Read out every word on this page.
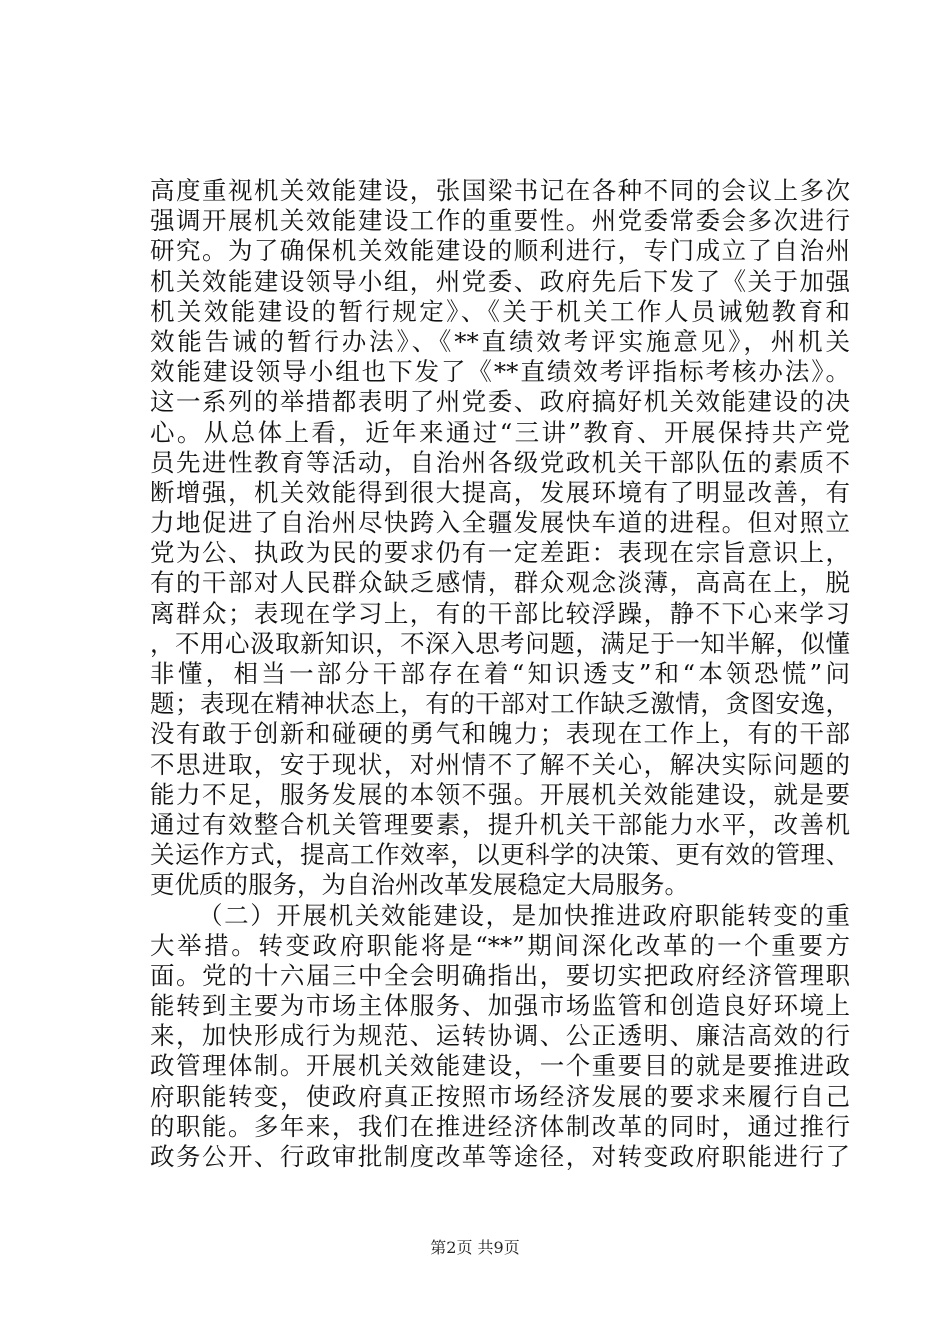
高度重视机关效能建设，张国梁书记在各种不同的会议上多次
强调开展机关效能建设工作的重要性。州党委常委会多次进行
研究。为了确保机关效能建设的顺利进行，专门成立了自治州
机关效能建设领导小组，州党委、政府先后下发了《关于加强
机关效能建设的暂行规定》、《关于机关工作人员诫勉教育和
效能告诫的暂行办法》、《**直绩效考评实施意见》，州机关
效能建设领导小组也下发了《**直绩效考评指标考核办法》。
这一系列的举措都表明了州党委、政府搞好机关效能建设的决
心。从总体上看，近年来通过“三讲”教育、开展保持共产党
员先进性教育等活动，自治州各级党政机关干部队伍的素质不
断增强，机关效能得到很大提高，发展环境有了明显改善，有
力地促进了自治州尽快跨入全疆发展快车道的进程。但对照立
党为公、执政为民的要求仍有一定差距：表现在宗旨意识上，
有的干部对人民群众缺乏感情，群众观念淡薄，高高在上，脱
离群众；表现在学习上，有的干部比较浮躁，静不下心来学习
，不用心汲取新知识，不深入思考问题，满足于一知半解，似懂
非懂，相当一部分干部存在着“知识透支”和“本领恐慌”问
题；表现在精神状态上，有的干部对工作缺乏激情，贪图安逸，
没有敢于创新和碰硬的勇气和魄力；表现在工作上，有的干部
不思进取，安于现状，对州情不了解不关心，解决实际问题的
能力不足，服务发展的本领不强。开展机关效能建设，就是要
通过有效整合机关管理要素，提升机关干部能力水平，改善机
关运作方式，提高工作效率，以更科学的决策、更有效的管理、
更优质的服务，为自治州改革发展稳定大局服务。
（二）开展机关效能建设，是加快推进政府职能转变的重
大举措。转变政府职能将是“**”期间深化改革的一个重要方
面。党的十六届三中全会明确指出，要切实把政府经济管理职
能转到主要为市场主体服务、加强市场监管和创造良好环境上
来，加快形成行为规范、运转协调、公正透明、廉洁高效的行
政管理体制。开展机关效能建设，一个重要目的就是要推进政
府职能转变，使政府真正按照市场经济发展的要求来履行自己
的职能。多年来，我们在推进经济体制改革的同时，通过推行
政务公开、行政审批制度改革等途径，对转变政府职能进行了
第2页 共9页
